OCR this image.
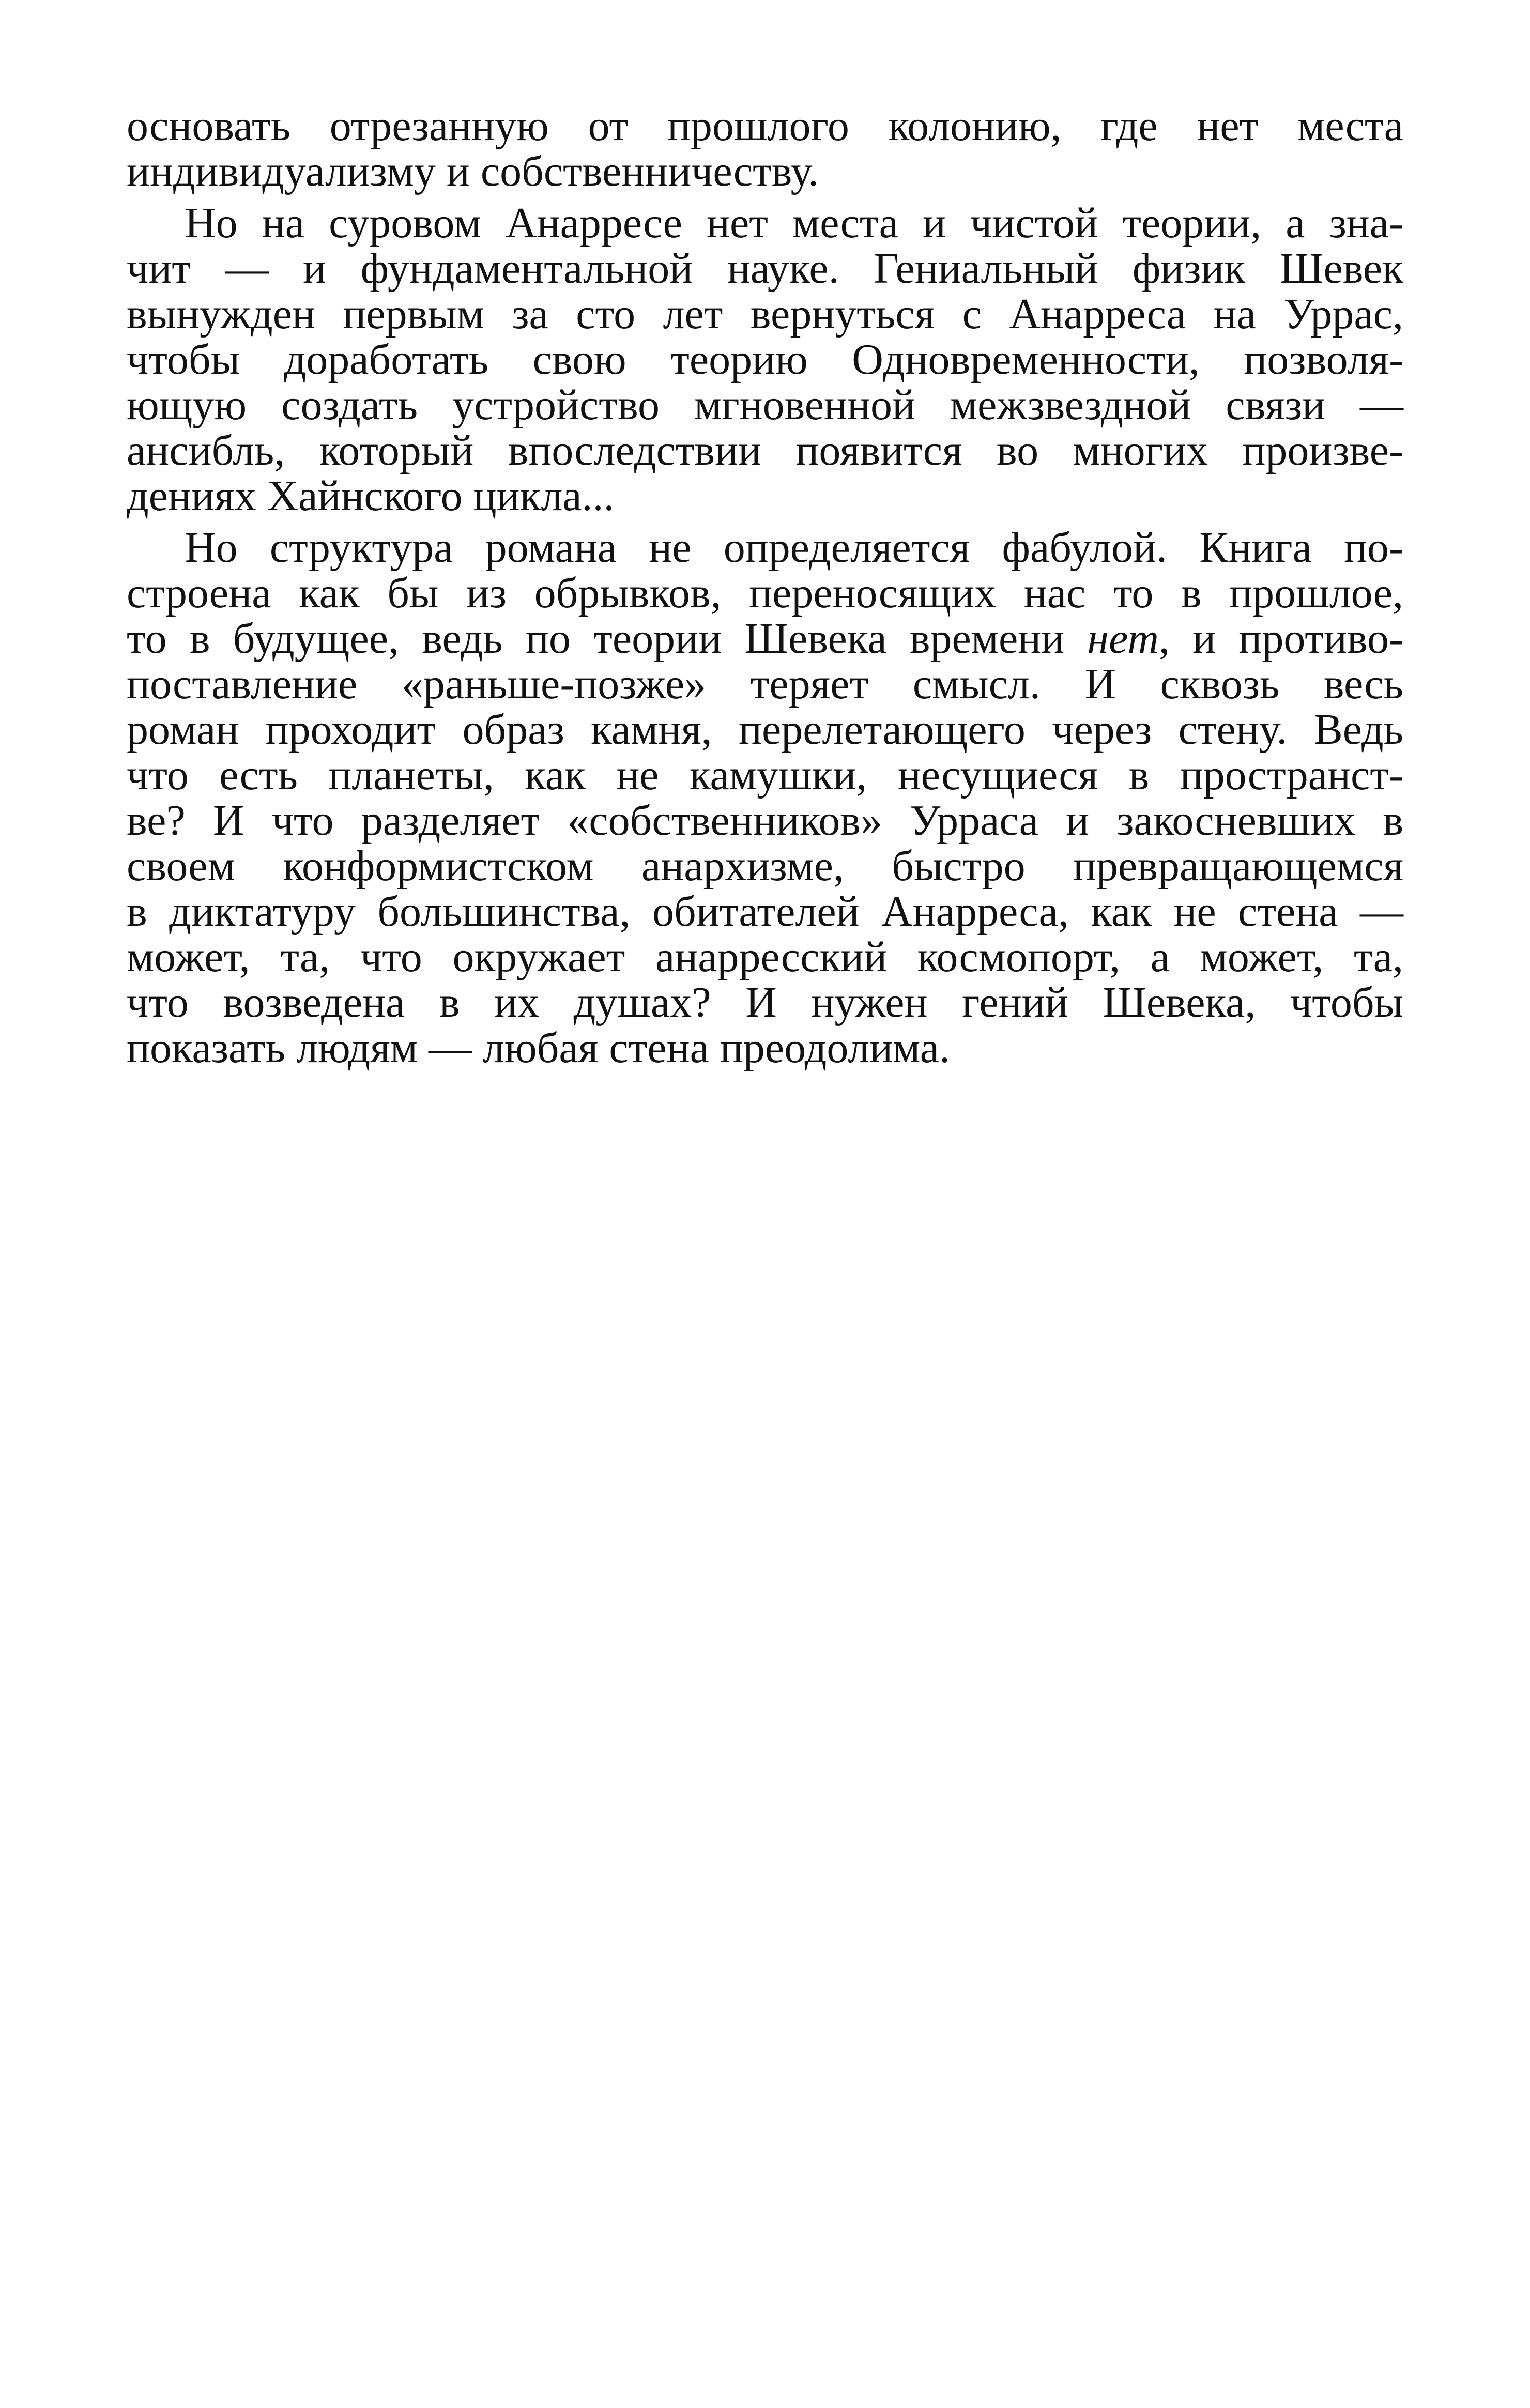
основать отрезанную от прошлого колонию, где нет места
индивидуализму и собственничеству.
Но на суровом Анарресе нет места и чистой теории, а зна-
чит — и фундаментальной науке. Гениальный физик Шевек
вынужден первым за сто лет вернуться с Анарреса на Уррас,
чтобы доработать свою теорию Одновременности, позволя-
ющую создать устройство мгновенной межзвездной связи —
ансибль, который впоследствии появится во многих произве-
дениях Хайнского цикла...
Но структура романа не определяется фабулой. Книга по-
строена как бы из обрывков, переносящих нас то в прошлое,
то в будущее, ведь по теории Шевека времени нет, и противо-
поставление «раньше-позже» теряет смысл. И сквозь весь
роман проходит образ камня, перелетающего через стену. Ведь
что есть планеты, как не камушки, несущиеся в пространст-
ве? И что разделяет «собственников» Урраса и закосневших в
своем конформистском анархизме, быстро превращающемся
в диктатуру большинства, обитателей Анарреса, как не стена —
может, та, что окружает анарресский космопорт, а может, та,
что возведена в их душах? И нужен гений Шевека, чтобы
показать людям — любая стена преодолима.
